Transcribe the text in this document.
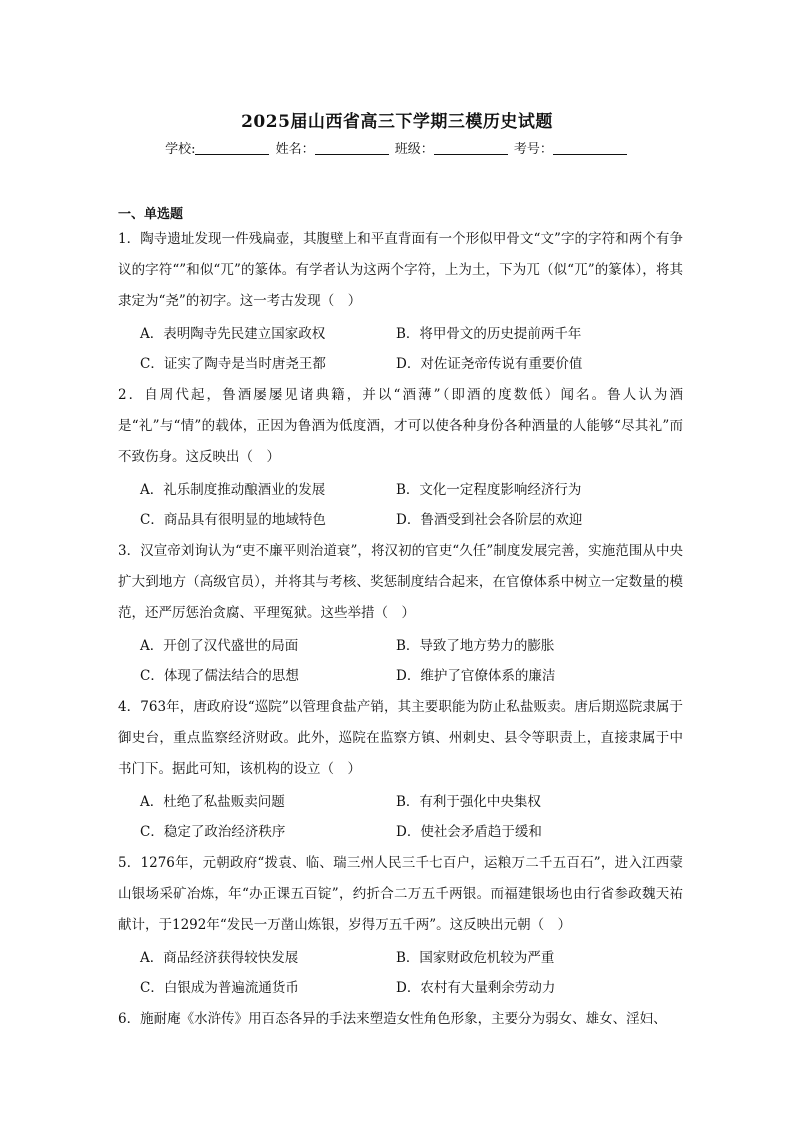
2025届山西省高三下学期三模历史试题
学校:	姓名：	班级：	考号：
一、单选题
1．陶寺遗址发现一件残扁壶，其腹壁上和平直背面有一个形似甲骨文“文”字的字符和两个有争议的字符“”和似“兀”的篆体。有学者认为这两个字符，上为土，下为兀（似“兀”的篆体），将其隶定为“尧”的初字。这一考古发现（　）
A．表明陶寺先民建立国家政权	B．将甲骨文的历史提前两千年
C．证实了陶寺是当时唐尧王都	D．对佐证尧帝传说有重要价值
2．自周代起，鲁酒屡屡见诸典籍，并以“酒薄”（即酒的度数低）闻名。鲁人认为酒是“礼”与“情”的载体，正因为鲁酒为低度酒，才可以使各种身份各种酒量的人能够“尽其礼”而不致伤身。这反映出（　）
A．礼乐制度推动酿酒业的发展	B．文化一定程度影响经济行为
C．商品具有很明显的地域特色	D．鲁酒受到社会各阶层的欢迎
3．汉宣帝刘询认为“吏不廉平则治道衰”，将汉初的官吏“久任”制度发展完善，实施范围从中央扩大到地方（高级官员），并将其与考核、奖惩制度结合起来，在官僚体系中树立一定数量的模范，还严厉惩治贪腐、平理冤狱。这些举措（　）
A．开创了汉代盛世的局面	B．导致了地方势力的膨胀
C．体现了儒法结合的思想	D．维护了官僚体系的廉洁
4．763年，唐政府设“巡院”以管理食盐产销，其主要职能为防止私盐贩卖。唐后期巡院隶属于御史台，重点监察经济财政。此外，巡院在监察方镇、州刺史、县令等职责上，直接隶属于中书门下。据此可知，该机构的设立（　）
A．杜绝了私盐贩卖问题	B．有利于强化中央集权
C．稳定了政治经济秩序	D．使社会矛盾趋于缓和
5．1276年，元朝政府“拨袁、临、瑞三州人民三千七百户，运粮万二千五百石”，进入江西蒙山银场采矿冶炼，年“办正课五百锭”，约折合二万五千两银。而福建银场也由行省参政魏天祐献计，于1292年“发民一万凿山炼银，岁得万五千两”。这反映出元朝（　）
A．商品经济获得较快发展	B．国家财政危机较为严重
C．白银成为普遍流通货币	D．农村有大量剩余劳动力
6．施耐庵《水浒传》用百态各异的手法来塑造女性角色形象，主要分为弱女、雄女、淫妇、
